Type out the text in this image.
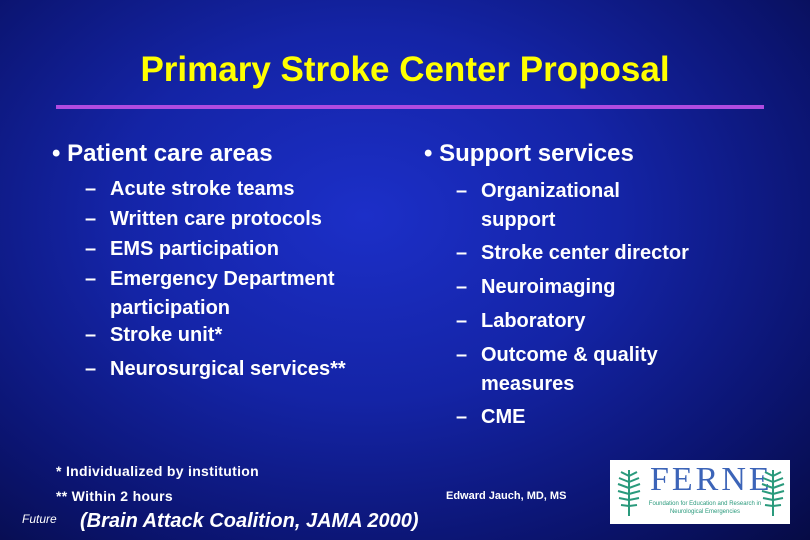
Primary Stroke Center Proposal
• Patient care areas
– Acute stroke teams
– Written care protocols
– EMS participation
– Emergency Department
participation
– Stroke unit*
– Neurosurgical services**
• Support services
– Organizational
support
– Stroke center director
– Neuroimaging
– Laboratory
– Outcome & quality
measures
– CME
* Individualized by institution
** Within 2 hours
Future (Brain Attack Coalition, JAMA 2000)
Edward Jauch, MD, MS FERNE
Foundation for Education and Research in Neurological Emergencies
